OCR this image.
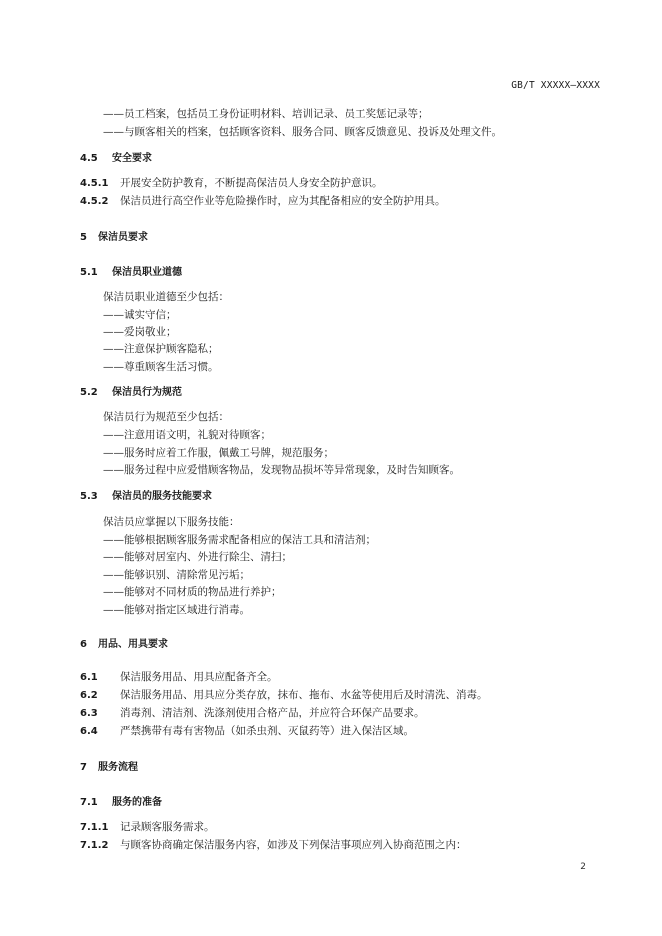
GB/T XXXXX—XXXX
——员工档案，包括员工身份证明材料、培训记录、员工奖惩记录等；
——与顾客相关的档案，包括顾客资料、服务合同、顾客反馈意见、投诉及处理文件。
4.5 安全要求
4.5.1 开展安全防护教育，不断提高保洁员人身安全防护意识。
4.5.2 保洁员进行高空作业等危险操作时，应为其配备相应的安全防护用具。
5 保洁员要求
5.1 保洁员职业道德
保洁员职业道德至少包括：
——诚实守信；
——爱岗敬业；
——注意保护顾客隐私；
——尊重顾客生活习惯。
5.2 保洁员行为规范
保洁员行为规范至少包括：
——注意用语文明，礼貌对待顾客；
——服务时应着工作服，佩戴工号牌，规范服务；
——服务过程中应爱惜顾客物品，发现物品损坏等异常现象，及时告知顾客。
5.3 保洁员的服务技能要求
保洁员应掌握以下服务技能：
——能够根据顾客服务需求配备相应的保洁工具和清洁剂；
——能够对居室内、外进行除尘、清扫；
——能够识别、清除常见污垢；
——能够对不同材质的物品进行养护；
——能够对指定区域进行消毒。
6 用品、用具要求
6.1 保洁服务用品、用具应配备齐全。
6.2 保洁服务用品、用具应分类存放，抹布、拖布、水盆等使用后及时清洗、消毒。
6.3 消毒剂、清洁剂、洗涤剂使用合格产品，并应符合环保产品要求。
6.4 严禁携带有毒有害物品（如杀虫剂、灭鼠药等）进入保洁区域。
7 服务流程
7.1 服务的准备
7.1.1 记录顾客服务需求。
7.1.2 与顾客协商确定保洁服务内容，如涉及下列保洁事项应列入协商范围之内：
2
